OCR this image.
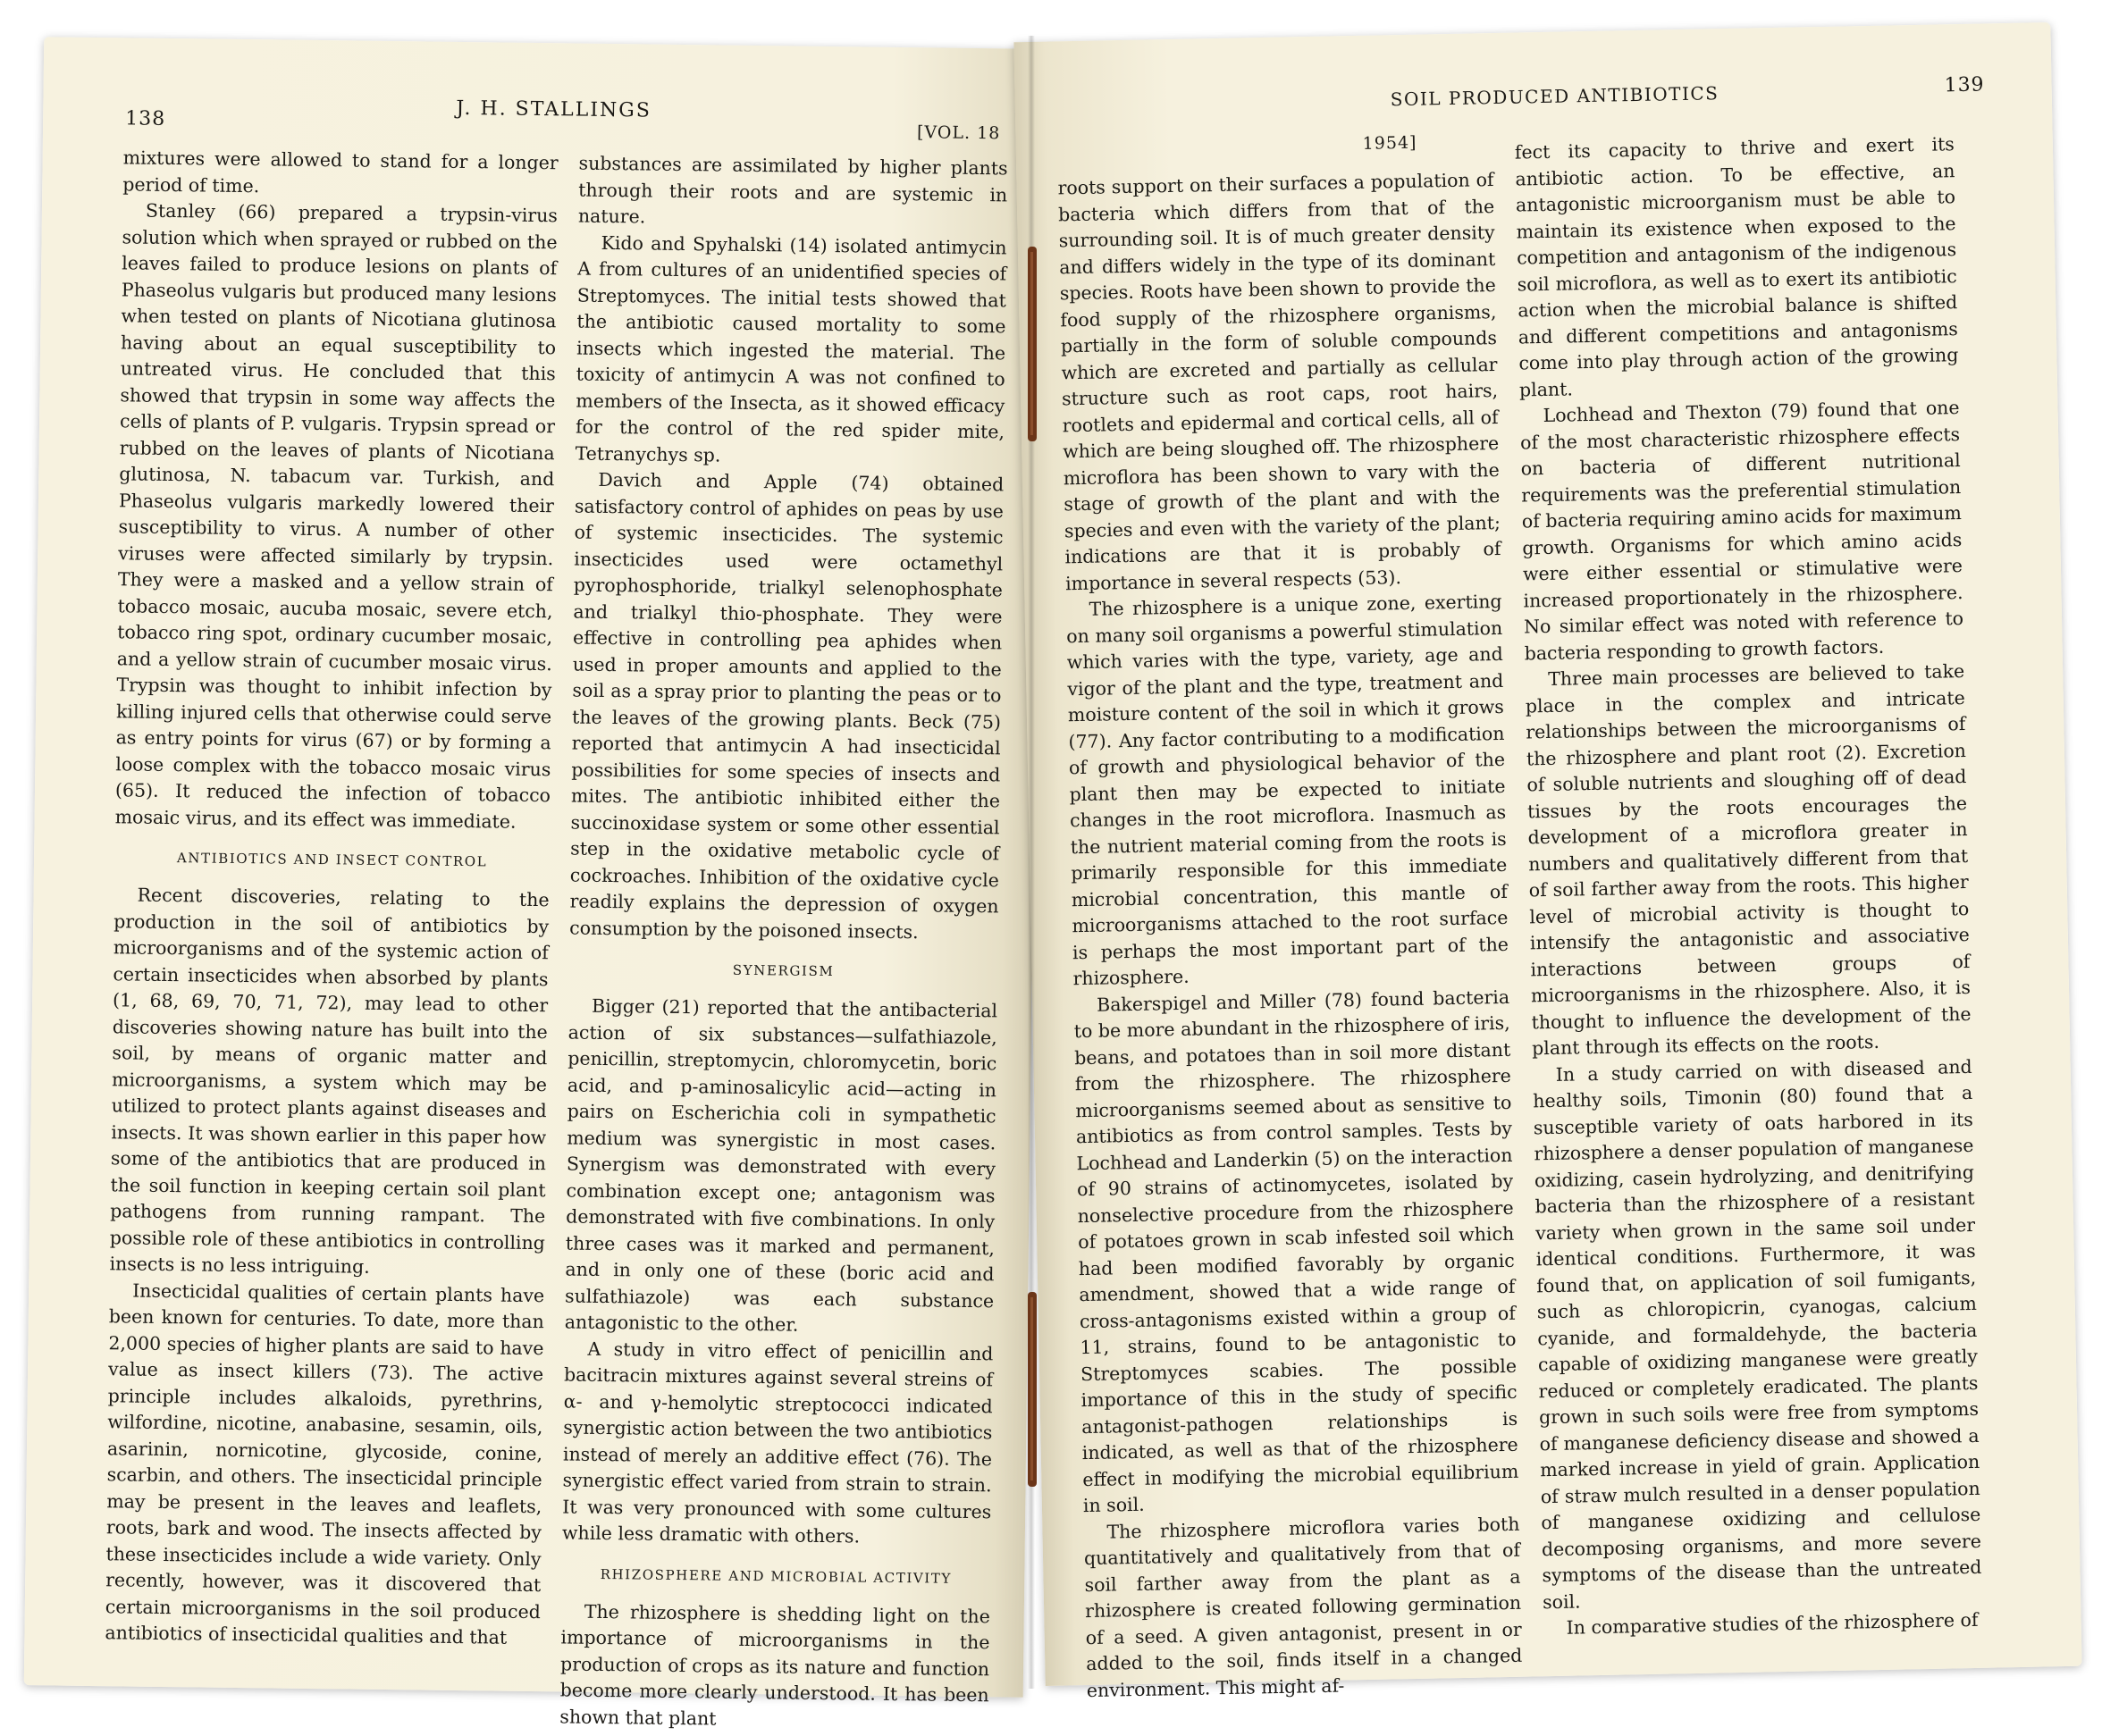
138	J. H. STALLINGS
[VOL. 18

mixtures were allowed to stand for a longer period of time.

Stanley (66) prepared a trypsin-virus solution which when sprayed or rubbed on the leaves failed to produce lesions on plants of Phaseolus vulgaris but produced many lesions when tested on plants of Nicotiana glutinosa having about an equal susceptibility to untreated virus. He concluded that this showed that trypsin in some way affects the cells of plants of P. vulgaris. Trypsin spread or rubbed on the leaves of plants of Nicotiana glutinosa, N. tabacum var. Turkish, and Phaseolus vulgaris markedly lowered their susceptibility to virus. A number of other viruses were affected similarly by trypsin. They were a masked and a yellow strain of tobacco mosaic, aucuba mosaic, severe etch, tobacco ring spot, ordinary cucumber mosaic, and a yellow strain of cucumber mosaic virus. Trypsin was thought to inhibit infection by killing injured cells that otherwise could serve as entry points for virus (67) or by forming a loose complex with the tobacco mosaic virus (65). It reduced the infection of tobacco mosaic virus, and its effect was immediate.

ANTIBIOTICS AND INSECT CONTROL

Recent discoveries, relating to the production in the soil of antibiotics by microorganisms and of the systemic action of certain insecticides when absorbed by plants (1, 68, 69, 70, 71, 72), may lead to other discoveries showing nature has built into the soil, by means of organic matter and microorganisms, a system which may be utilized to protect plants against diseases and insects. It was shown earlier in this paper how some of the antibiotics that are produced in the soil function in keeping certain soil plant pathogens from running rampant. The possible role of these antibiotics in controlling insects is no less intriguing.

Insecticidal qualities of certain plants have been known for centuries. To date, more than 2,000 species of higher plants are said to have value as insect killers (73). The active principle includes alkaloids, pyrethrins, wilfordine, nicotine, anabasine, sesamin, oils, asarinin, nornicotine, glycoside, conine, scarbin, and others. The insecticidal principle may be present in the leaves and leaflets, roots, bark and wood. The insects affected by these insecticides include a wide variety. Only recently, however, was it discovered that certain microorganisms in the soil produced antibiotics of insecticidal qualities and that

substances are assimilated by higher plants through their roots and are systemic in nature.

Kido and Spyhalski (14) isolated antimycin A from cultures of an unidentified species of Streptomyces. The initial tests showed that the antibiotic caused mortality to some insects which ingested the material. The toxicity of antimycin A was not confined to members of the Insecta, as it showed efficacy for the control of the red spider mite, Tetranychys sp.

Davich and Apple (74) obtained satisfactory control of aphides on peas by use of systemic insecticides. The systemic insecticides used were octamethyl pyrophosphoride, trialkyl selenophosphate and trialkyl thio-phosphate. They were effective in controlling pea aphides when used in proper amounts and applied to the soil as a spray prior to planting the peas or to the leaves of the growing plants. Beck (75) reported that antimycin A had insecticidal possibilities for some species of insects and mites. The antibiotic inhibited either the succinoxidase system or some other essential step in the oxidative metabolic cycle of cockroaches. Inhibition of the oxidative cycle readily explains the depression of oxygen consumption by the poisoned insects.

SYNERGISM

Bigger (21) reported that the antibacterial action of six substances—sulfathiazole, penicillin, streptomycin, chloromycetin, boric acid, and p-aminosalicylic acid—acting in pairs on Escherichia coli in sympathetic medium was synergistic in most cases. Synergism was demonstrated with every combination except one; antagonism was demonstrated with five combinations. In only three cases was it marked and permanent, and in only one of these (boric acid and sulfathiazole) was each substance antagonistic to the other.

A study in vitro effect of penicillin and bacitracin mixtures against several streins of α- and γ-hemolytic streptococci indicated synergistic action between the two antibiotics instead of merely an additive effect (76). The synergistic effect varied from strain to strain. It was very pronounced with some cultures while less dramatic with others.

RHIZOSPHERE AND MICROBIAL ACTIVITY

The rhizosphere is shedding light on the importance of microorganisms in the production of crops as its nature and function become more clearly understood. It has been shown that plant

1954]
SOIL PRODUCED ANTIBIOTICS	139

roots support on their surfaces a population of bacteria which differs from that of the surrounding soil. It is of much greater density and differs widely in the type of its dominant species. Roots have been shown to provide the food supply of the rhizosphere organisms, partially in the form of soluble compounds which are excreted and partially as cellular structure such as root caps, root hairs, rootlets and epidermal and cortical cells, all of which are being sloughed off. The rhizosphere microflora has been shown to vary with the stage of growth of the plant and with the species and even with the variety of the plant; indications are that it is probably of importance in several respects (53).

The rhizosphere is a unique zone, exerting on many soil organisms a powerful stimulation which varies with the type, variety, age and vigor of the plant and the type, treatment and moisture content of the soil in which it grows (77). Any factor contributing to a modification of growth and physiological behavior of the plant then may be expected to initiate changes in the root microflora. Inasmuch as the nutrient material coming from the roots is primarily responsible for this immediate microbial concentration, this mantle of microorganisms attached to the root surface is perhaps the most important part of the rhizosphere.

Bakerspigel and Miller (78) found bacteria to be more abundant in the rhizosphere of iris, beans, and potatoes than in soil more distant from the rhizosphere. The rhizosphere microorganisms seemed about as sensitive to antibiotics as from control samples. Tests by Lochhead and Landerkin (5) on the interaction of 90 strains of actinomycetes, isolated by nonselective procedure from the rhizosphere of potatoes grown in scab infested soil which had been modified favorably by organic amendment, showed that a wide range of cross-antagonisms existed within a group of 11, strains, found to be antagonistic to Streptomyces scabies. The possible importance of this in the study of specific antagonist-pathogen relationships is indicated, as well as that of the rhizosphere effect in modifying the microbial equilibrium in soil.

The rhizosphere microflora varies both quantitatively and qualitatively from that of soil farther away from the plant as a rhizosphere is created following germination of a seed. A given antagonist, present in or added to the soil, finds itself in a changed environment. This might af-

fect its capacity to thrive and exert its antibiotic action. To be effective, an antagonistic microorganism must be able to maintain its existence when exposed to the competition and antagonism of the indigenous soil microflora, as well as to exert its antibiotic action when the microbial balance is shifted and different competitions and antagonisms come into play through action of the growing plant.

Lochhead and Thexton (79) found that one of the most characteristic rhizosphere effects on bacteria of different nutritional requirements was the preferential stimulation of bacteria requiring amino acids for maximum growth. Organisms for which amino acids were either essential or stimulative were increased proportionately in the rhizosphere. No similar effect was noted with reference to bacteria responding to growth factors.

Three main processes are believed to take place in the complex and intricate relationships between the microorganisms of the rhizosphere and plant root (2). Excretion of soluble nutrients and sloughing off of dead tissues by the roots encourages the development of a microflora greater in numbers and qualitatively different from that of soil farther away from the roots. This higher level of microbial activity is thought to intensify the antagonistic and associative interactions between groups of microorganisms in the rhizosphere. Also, it is thought to influence the development of the plant through its effects on the roots.

In a study carried on with diseased and healthy soils, Timonin (80) found that a susceptible variety of oats harbored in its rhizosphere a denser population of manganese oxidizing, casein hydrolyzing, and denitrifying bacteria than the rhizosphere of a resistant variety when grown in the same soil under identical conditions. Furthermore, it was found that, on application of soil fumigants, such as chloropicrin, cyanogas, calcium cyanide, and formaldehyde, the bacteria capable of oxidizing manganese were greatly reduced or completely eradicated. The plants grown in such soils were free from symptoms of manganese deficiency disease and showed a marked increase in yield of grain. Application of straw mulch resulted in a denser population of manganese oxidizing and cellulose decomposing organisms, and more severe symptoms of the disease than the untreated soil.

In comparative studies of the rhizosphere of
